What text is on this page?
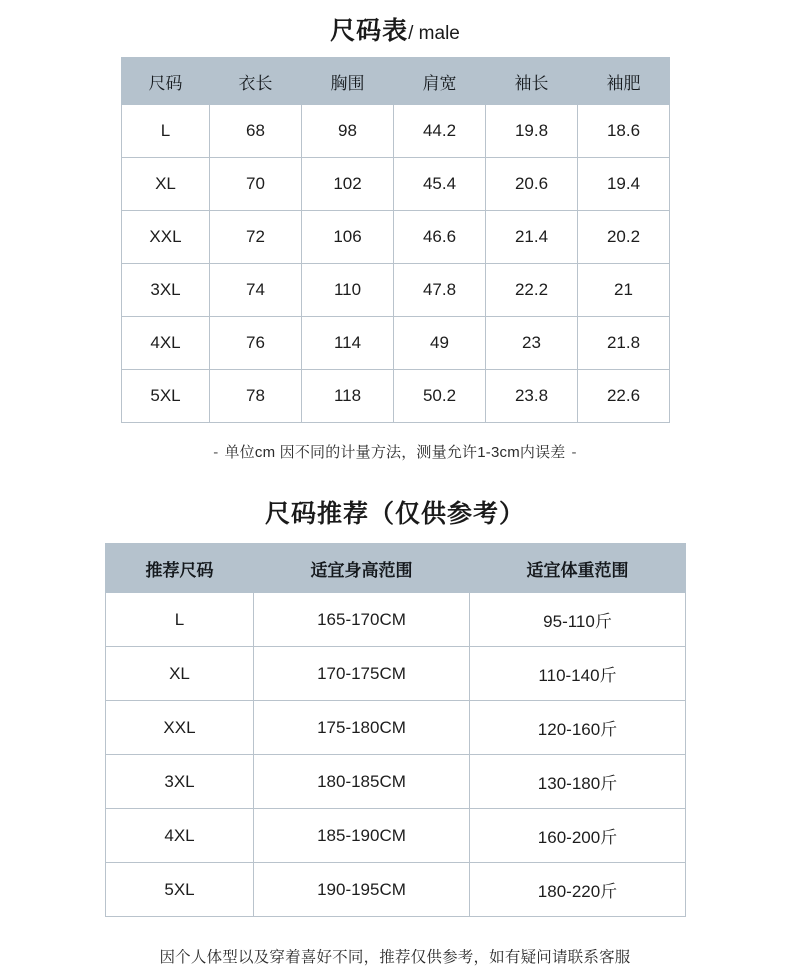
尺码表/ male
尺码	衣长	胸围	肩宽	袖长	袖肥
L	68	98	44.2	19.8	18.6
XL	70	102	45.4	20.6	19.4
XXL	72	106	46.6	21.4	20.2
3XL	74	110	47.8	22.2	21
4XL	76	114	49	23	21.8
5XL	78	118	50.2	23.8	22.6
- 单位cm 因不同的计量方法，测量允许1-3cm内误差 -
尺码推荐（仅供参考）
推荐尺码	适宜身高范围	适宜体重范围
L	165-170CM	95-110斤
XL	170-175CM	110-140斤
XXL	175-180CM	120-160斤
3XL	180-185CM	130-180斤
4XL	185-190CM	160-200斤
5XL	190-195CM	180-220斤
因个人体型以及穿着喜好不同，推荐仅供参考，如有疑问请联系客服
